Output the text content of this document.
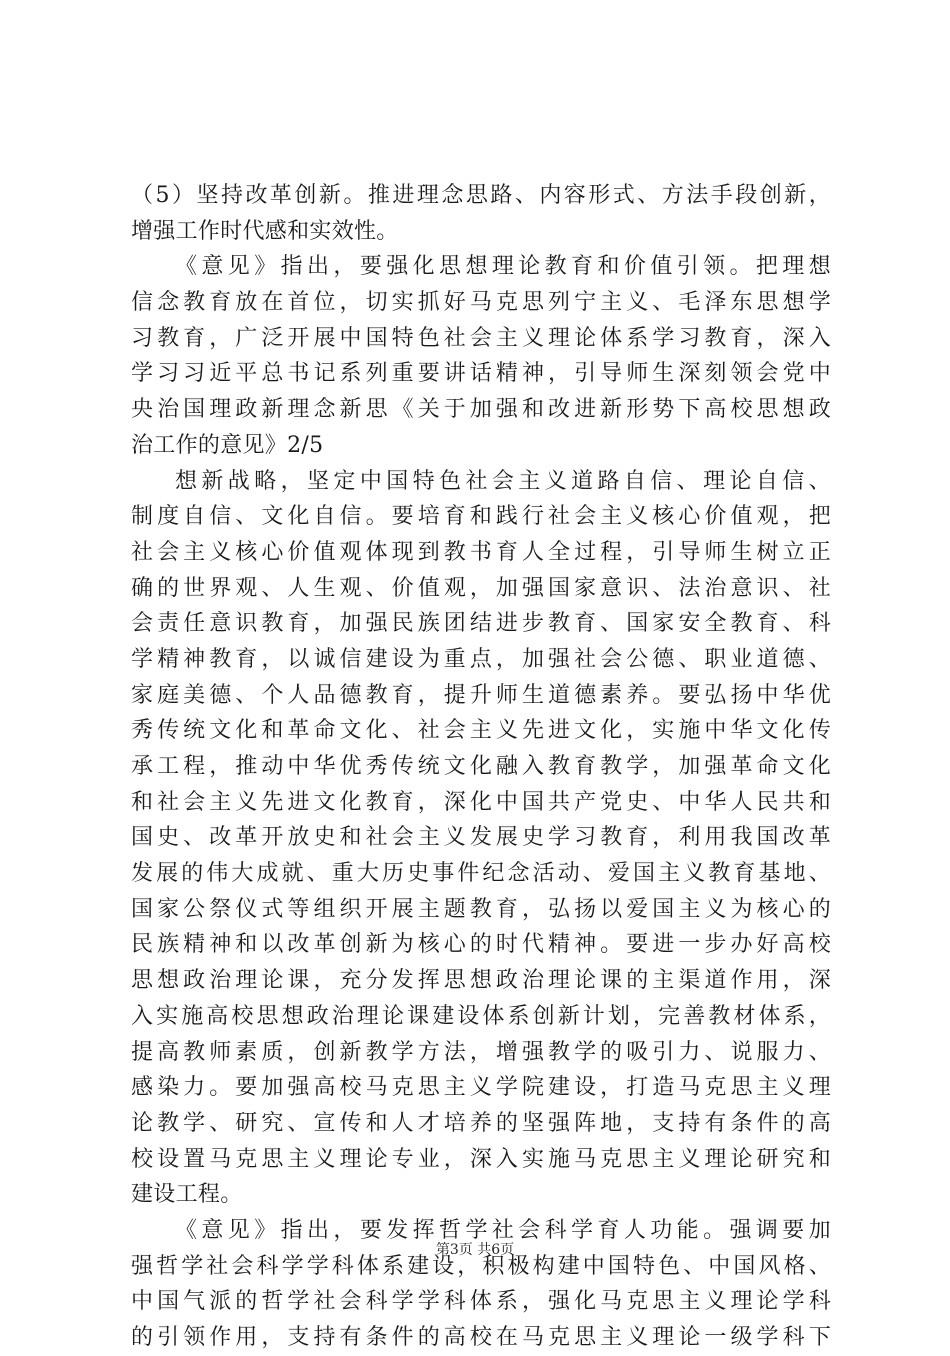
（5）坚持改革创新。推进理念思路、内容形式、方法手段创新，
增强工作时代感和实效性。
《意见》指出，要强化思想理论教育和价值引领。把理想
信念教育放在首位，切实抓好马克思列宁主义、毛泽东思想学
习教育，广泛开展中国特色社会主义理论体系学习教育，深入
学习习近平总书记系列重要讲话精神，引导师生深刻领会党中
央治国理政新理念新思《关于加强和改进新形势下高校思想政
治工作的意见》2/5
想新战略，坚定中国特色社会主义道路自信、理论自信、
制度自信、文化自信。要培育和践行社会主义核心价值观，把
社会主义核心价值观体现到教书育人全过程，引导师生树立正
确的世界观、人生观、价值观，加强国家意识、法治意识、社
会责任意识教育，加强民族团结进步教育、国家安全教育、科
学精神教育，以诚信建设为重点，加强社会公德、职业道德、
家庭美德、个人品德教育，提升师生道德素养。要弘扬中华优
秀传统文化和革命文化、社会主义先进文化，实施中华文化传
承工程，推动中华优秀传统文化融入教育教学，加强革命文化
和社会主义先进文化教育，深化中国共产党史、中华人民共和
国史、改革开放史和社会主义发展史学习教育，利用我国改革
发展的伟大成就、重大历史事件纪念活动、爱国主义教育基地、
国家公祭仪式等组织开展主题教育，弘扬以爱国主义为核心的
民族精神和以改革创新为核心的时代精神。要进一步办好高校
思想政治理论课，充分发挥思想政治理论课的主渠道作用，深
入实施高校思想政治理论课建设体系创新计划，完善教材体系，
提高教师素质，创新教学方法，增强教学的吸引力、说服力、
感染力。要加强高校马克思主义学院建设，打造马克思主义理
论教学、研究、宣传和人才培养的坚强阵地，支持有条件的高
校设置马克思主义理论专业，深入实施马克思主义理论研究和
建设工程。
《意见》指出，要发挥哲学社会科学育人功能。强调要加
强哲学社会科学学科体系建设，积极构建中国特色、中国风格、
中国气派的哲学社会科学学科体系，强化马克思主义理论学科
的引领作用，支持有条件的高校在马克思主义理论一级学科下
第3页 共6页
